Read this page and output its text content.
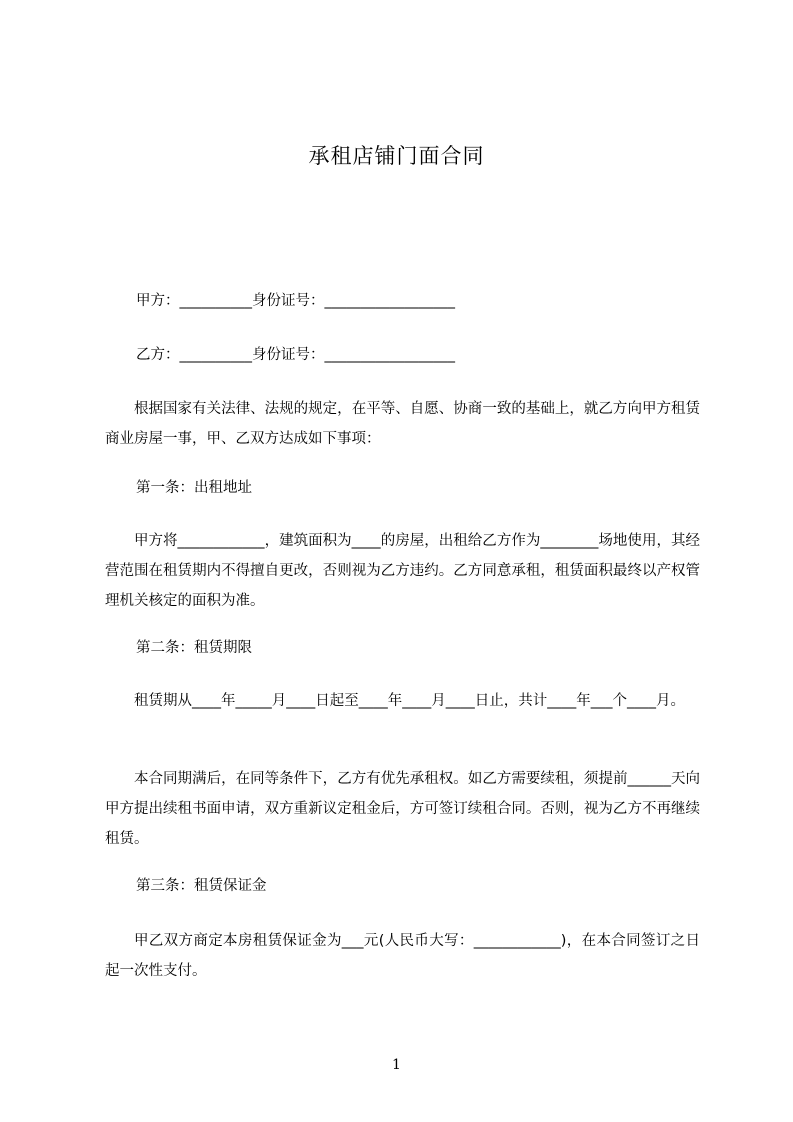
承租店铺门面合同
甲方：__________身份证号：__________________
乙方：__________身份证号：__________________
根据国家有关法律、法规的规定，在平等、自愿、协商一致的基础上，就乙方向甲方租赁商业房屋一事，甲、乙双方达成如下事项：
第一条：出租地址
甲方将____________，建筑面积为____的房屋，出租给乙方作为________场地使用，其经营范围在租赁期内不得擅自更改，否则视为乙方违约。乙方同意承租，租赁面积最终以产权管理机关核定的面积为准。
第二条：租赁期限
租赁期从____年_____月____日起至____年____月____日止，共计____年___个____月。
本合同期满后，在同等条件下，乙方有优先承租权。如乙方需要续租，须提前______天向甲方提出续租书面申请，双方重新议定租金后，方可签订续租合同。否则，视为乙方不再继续租赁。
第三条：租赁保证金
甲乙双方商定本房租赁保证金为___元(人民币大写：____________)，在本合同签订之日起一次性支付。
1
